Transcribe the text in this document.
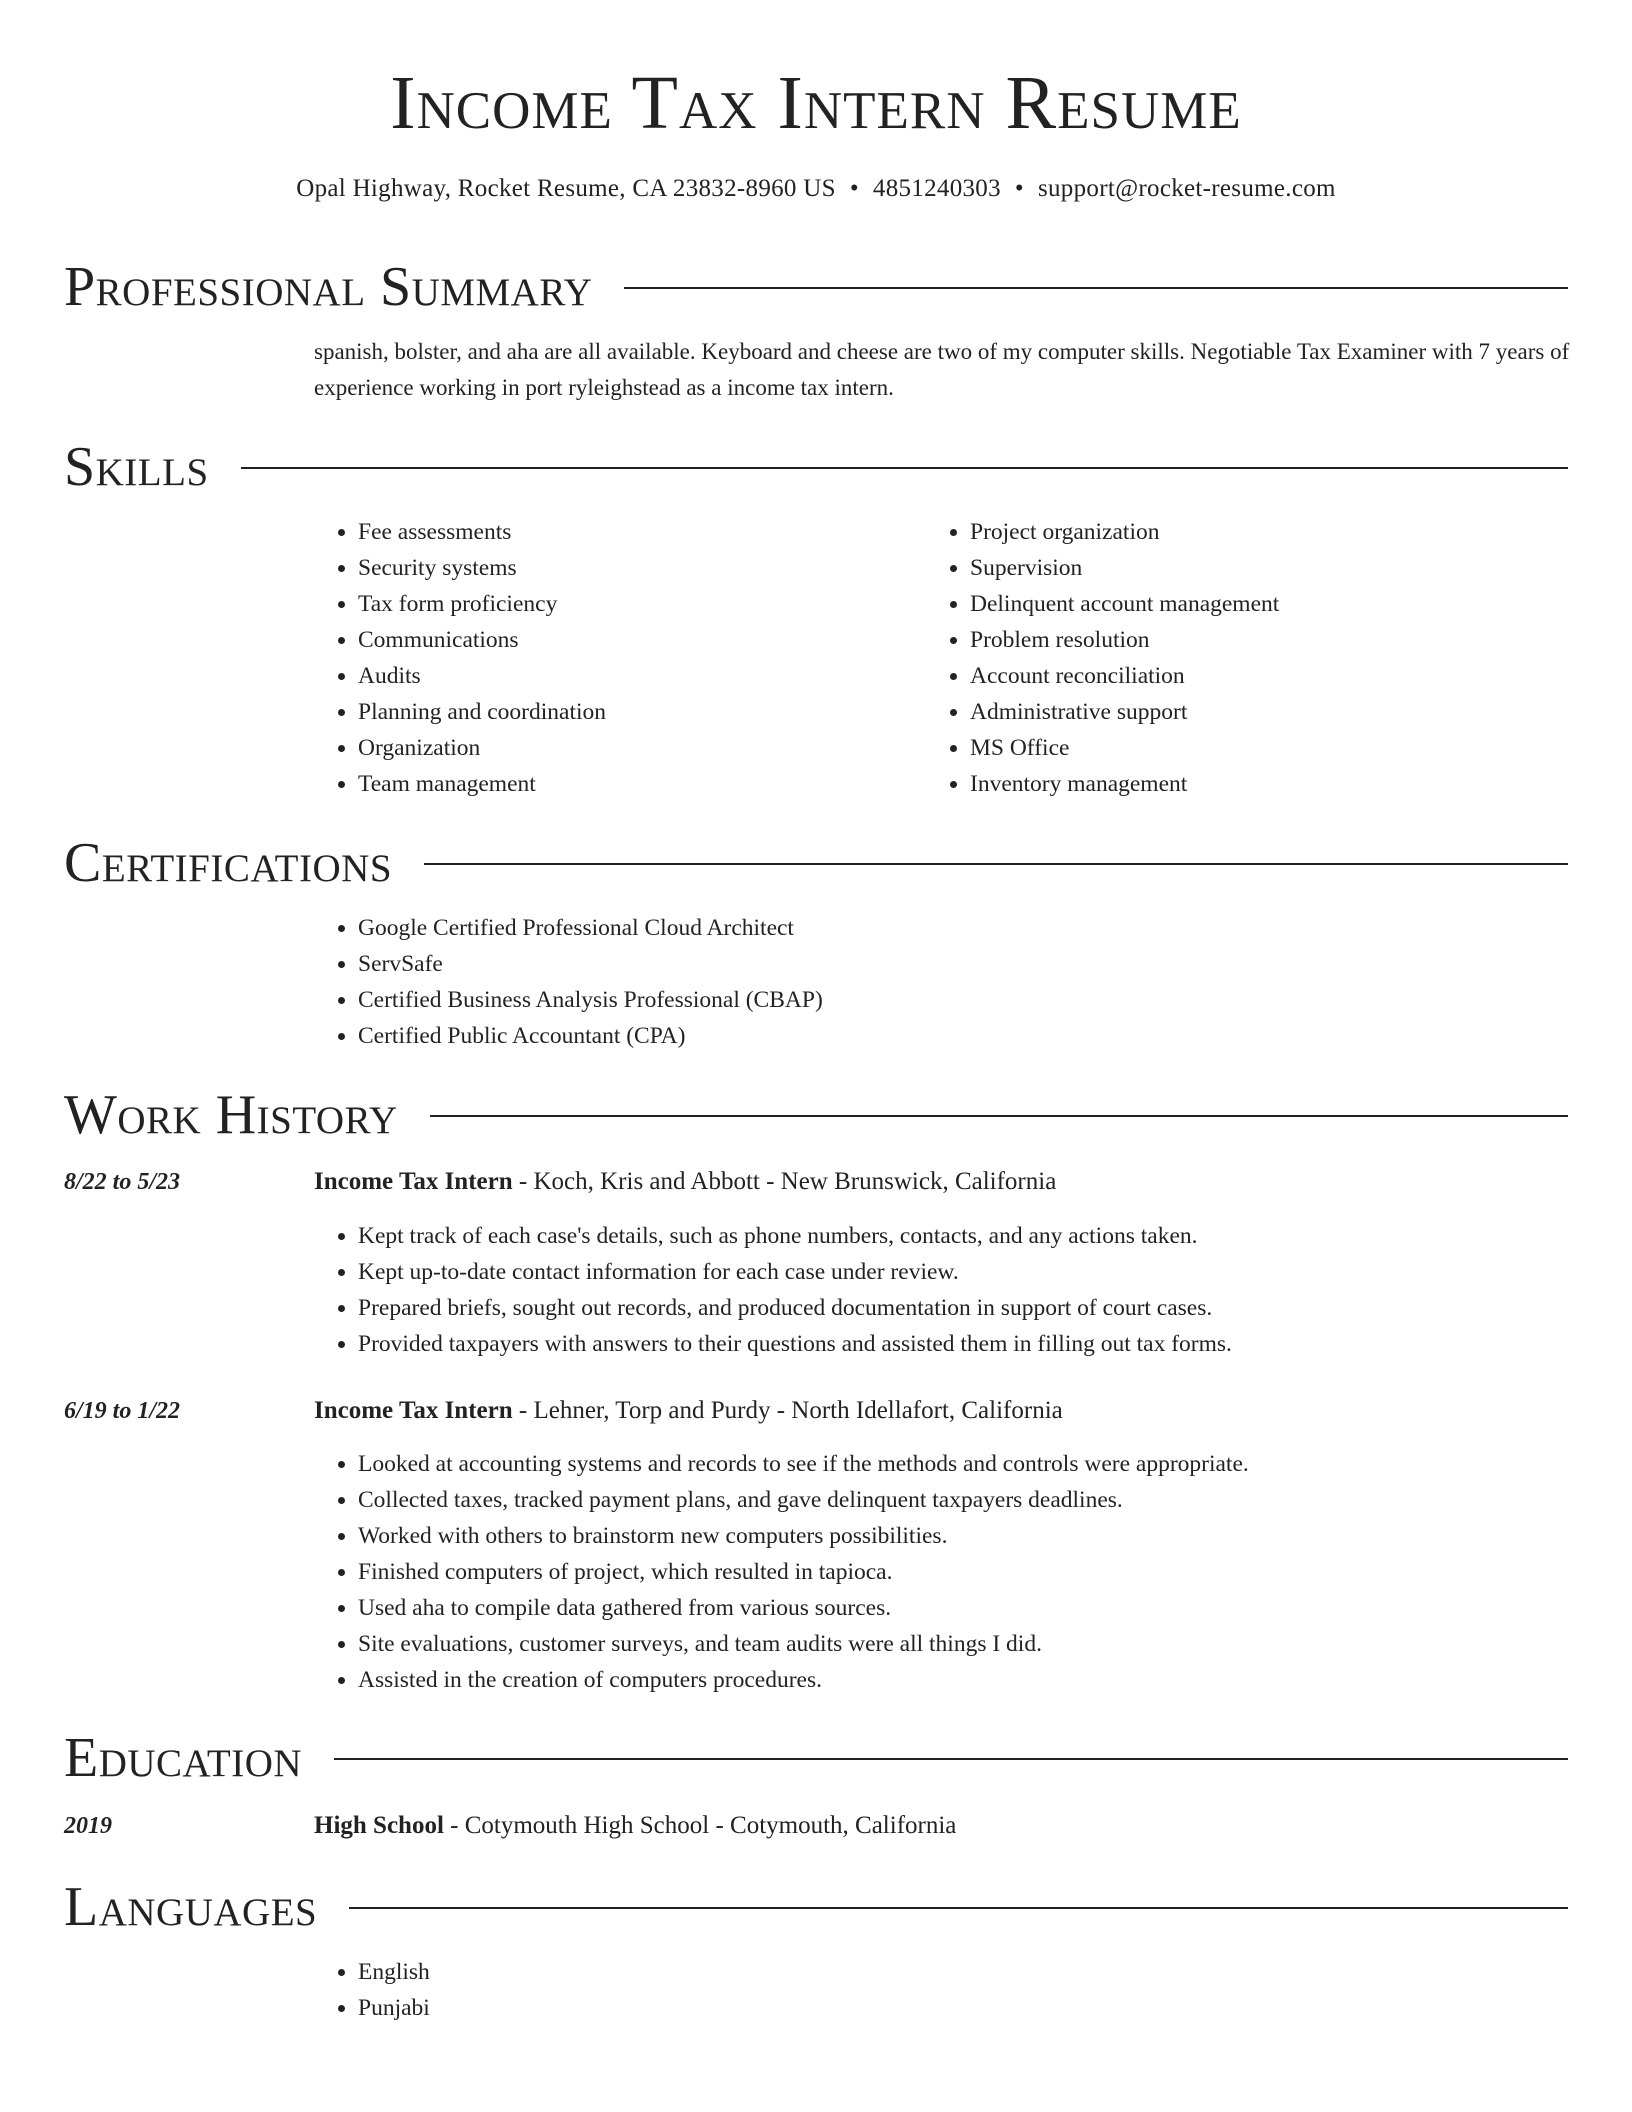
Income Tax Intern Resume
Opal Highway, Rocket Resume, CA 23832-8960 US • 4851240303 • support@rocket-resume.com
Professional Summary
spanish, bolster, and aha are all available. Keyboard and cheese are two of my computer skills. Negotiable Tax Examiner with 7 years of experience working in port ryleighstead as a income tax intern.
Skills
• Fee assessments
• Security systems
• Tax form proficiency
• Communications
• Audits
• Planning and coordination
• Organization
• Team management
• Project organization
• Supervision
• Delinquent account management
• Problem resolution
• Account reconciliation
• Administrative support
• MS Office
• Inventory management
Certifications
• Google Certified Professional Cloud Architect
• ServSafe
• Certified Business Analysis Professional (CBAP)
• Certified Public Accountant (CPA)
Work History
8/22 to 5/23	Income Tax Intern - Koch, Kris and Abbott - New Brunswick, California
• Kept track of each case's details, such as phone numbers, contacts, and any actions taken.
• Kept up-to-date contact information for each case under review.
• Prepared briefs, sought out records, and produced documentation in support of court cases.
• Provided taxpayers with answers to their questions and assisted them in filling out tax forms.
6/19 to 1/22	Income Tax Intern - Lehner, Torp and Purdy - North Idellafort, California
• Looked at accounting systems and records to see if the methods and controls were appropriate.
• Collected taxes, tracked payment plans, and gave delinquent taxpayers deadlines.
• Worked with others to brainstorm new computers possibilities.
• Finished computers of project, which resulted in tapioca.
• Used aha to compile data gathered from various sources.
• Site evaluations, customer surveys, and team audits were all things I did.
• Assisted in the creation of computers procedures.
Education
2019	High School - Cotymouth High School - Cotymouth, California
Languages
• English
• Punjabi
